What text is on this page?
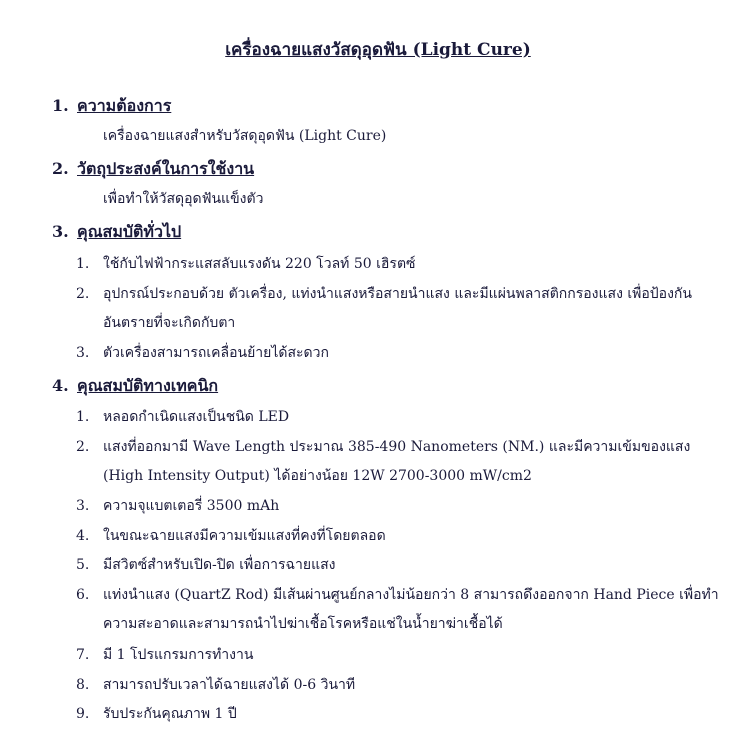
เครื่องฉายแสงวัสดุอุดฟัน (Light Cure)
1. ความต้องการ
เครื่องฉายแสงสำหรับวัสดุอุดฟัน (Light Cure)
2. วัตถุประสงค์ในการใช้งาน
เพื่อทำให้วัสดุอุดฟันแข็งตัว
3. คุณสมบัติทั่วไป
1. ใช้กับไฟฟ้ากระแสสลับแรงดัน 220 โวลท์ 50 เฮิรตซ์
2. อุปกรณ์ประกอบด้วย ตัวเครื่อง, แท่งนำแสงหรือสายนำแสง และมีแผ่นพลาสติกกรองแสง เพื่อป้องกัน
อันตรายที่จะเกิดกับตา
3. ตัวเครื่องสามารถเคลื่อนย้ายได้สะดวก
4. คุณสมบัติทางเทคนิก
1. หลอดกำเนิดแสงเป็นชนิด LED
2. แสงที่ออกมามี Wave Length ประมาณ 385-490 Nanometers (NM.) และมีความเข้มของแสง
(High Intensity Output) ได้อย่างน้อย 12W 2700-3000 mW/cm2
3. ความจุแบตเตอรี่ 3500 mAh
4. ในขณะฉายแสงมีความเข้มแสงที่คงที่โดยตลอด
5. มีสวิตซ์สำหรับเปิด-ปิด เพื่อการฉายแสง
6. แท่งนำแสง (QuartZ Rod) มีเส้นผ่านศูนย์กลางไม่น้อยกว่า 8 สามารถดึงออกจาก Hand Piece เพื่อทำ
ความสะอาดและสามารถนำไปฆ่าเชื้อโรคหรือแช่ในน้ำยาฆ่าเชื้อได้
7. มี 1 โปรแกรมการทำงาน
8. สามารถปรับเวลาได้ฉายแสงได้ 0-6 วินาที
9. รับประกันคุณภาพ 1 ปี
